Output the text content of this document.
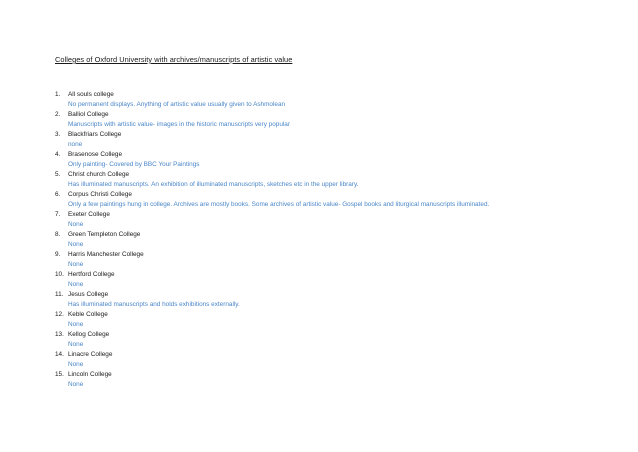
Colleges of Oxford University with archives/manuscripts of artistic value
1. All souls college
No permanent displays. Anything of artistic value usually given to Ashmolean
2. Balliol College
Manuscripts with artistic value- images in the historic manuscripts very popular
3. Blackfriars College
none
4. Brasenose College
Only painting- Covered by BBC Your Paintings
5. Christ church College
Has illuminated manuscripts. An exhibition of illuminated manuscripts, sketches etc in the upper library.
6. Corpus Christi College
Only a few paintings hung in college. Archives are mostly books. Some archives of artistic value- Gospel books and liturgical manuscripts illuminated.
7. Exeter College
None
8. Green Templeton College
None
9. Harris Manchester College
None
10. Hertford College
None
11. Jesus College
Has illuminated manuscripts and holds exhibitions externally.
12. Keble College
None
13. Kellog College
None
14. Linacre College
None
15. Lincoln College
None
